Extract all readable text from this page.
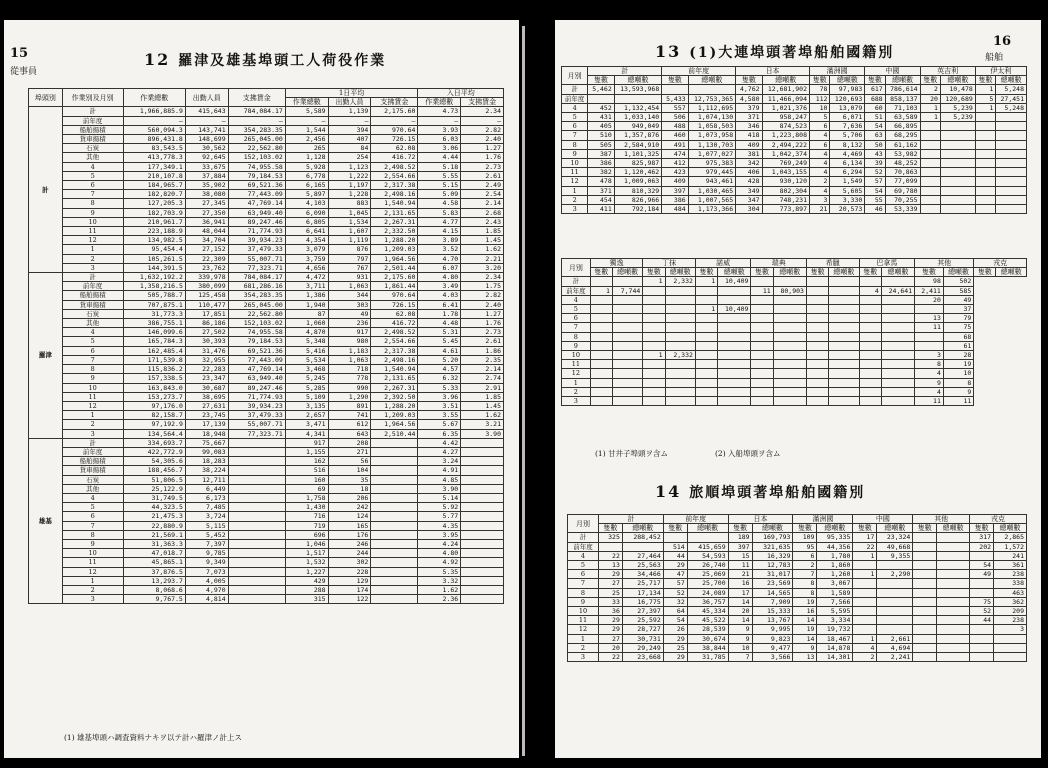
15
從事員
12 羅津及雄基埠頭工人荷役作業
埠頭別	作業別及月別	作業總數	出勤人員	支拂賃金	1日平均			入日平均	
					作業總數	出勤人員	支拂賃金	作業總數	支拂賃金
計	計	1,966,885.9	415,643	784,084.17	5,589	1,139	2,175.60	4.73	2.34
	前年度	—	—	—	—	—	—	—	—
	船舶揚積	560,094.3	143,741	354,283.35	1,544	394	970.64	3.93	2.82
	貨車揚積	896,431.8	148,699	265,045.00	2,456	407	726.15	6.03	2.40
	石炭	83,543.5	30,562	22,562.80	265	84	62.08	3.06	1.27
	其他	413,778.3	92,645	152,103.02	1,128	254	416.72	4.44	1.76
	4	177,349.1	33,675	74,955.58	5,928	1,123	2,498.52	5.18	2.73
	5	210,107.8	37,884	79,184.53	6,778	1,222	2,554.66	5.55	2.61
	6	184,965.7	35,902	69,521.36	6,165	1,197	2,317.38	5.15	2.49
	7	182,820.7	38,080	77,443.09	5,897	1,228	2,498.16	5.09	2.54
	8	127,205.3	27,345	47,769.14	4,103	883	1,540.94	4.58	2.14
	9	182,703.9	27,350	63,949.40	6,090	1,045	2,131.65	5.83	2.68
	10	210,961.7	36,941	89,247.46	6,805	1,534	2,267.31	4.77	2.43
	11	223,188.9	48,044	71,774.93	6,641	1,607	2,332.50	4.15	1.85
	12	134,982.5	34,704	39,934.23	4,354	1,119	1,288.20	3.89	1.45
	1	95,454.4	27,152	37,479.33	3,079	876	1,209.03	3.52	1.62
	2	105,261.5	22,309	55,007.71	3,759	797	1,964.56	4.70	2.21
	3	144,391.5	23,762	77,323.71	4,656	767	2,501.44	6.07	3.20
羅津	計	1,632,192.2	339,978	784,084.17	4,472	931	2,175.60	4.80	2.34
	前年度	1,358,216.5	380,099	681,286.16	3,711	1,063	1,861.44	3.49	1.75
	船舶揚積	505,788.7	125,458	354,283.35	1,386	344	970.64	4.03	2.82
	貨車揚積	707,875.1	110,477	265,045.00	1,940	303	726.15	6.41	2.40
	石炭	31,773.3	17,851	22,562.80	87	49	62.08	1.78	1.27
	其他	386,755.1	86,186	152,103.02	1,060	236	416.72	4.48	1.76
	4	146,099.6	27,502	74,955.58	4,870	917	2,498.52	5.31	2.73
	5	165,784.3	30,393	79,184.53	5,348	980	2,554.66	5.45	2.61
	6	162,485.4	31,476	69,521.36	5,416	1,183	2,317.38	4.61	1.86
	7	171,539.8	32,955	77,443.09	5,534	1,063	2,498.16	5.20	2.35
	8	115,836.2	22,283	47,769.14	3,468	718	1,540.94	4.57	2.14
	9	157,338.5	23,347	63,949.40	5,245	778	2,131.65	6.32	2.74
	10	163,843.0	30,687	89,247.46	5,285	990	2,267.31	5.33	2.91
	11	153,273.7	38,695	71,774.93	5,109	1,290	2,392.50	3.96	1.85
	12	97,176.0	27,631	39,934.23	3,135	891	1,288.20	3.51	1.45
	1	82,158.7	23,745	37,479.33	2,657	741	1,209.03	3.55	1.62
	2	97,192.9	17,139	55,007.71	3,471	612	1,964.56	5.67	3.21
	3	134,564.4	18,948	77,323.71	4,341	643	2,510.44	6.35	3.90
雄基	計	334,693.7	75,667		917	208		4.42	
	前年度	422,772.9	99,083		1,155	271		4.27	
	船舶揚積	54,305.6	18,283		162	56		3.24	
	貨車揚積	188,456.7	38,224		516	104		4.91	
	石炭	51,806.5	12,711		160	35		4.85	
	其他	25,122.9	6,449		69	18		3.90	
	4	31,749.5	6,173		1,758	206		5.14	
	5	44,323.5	7,485		1,430	242		5.92	
	6	21,475.3	3,724		716	124		5.77	
	7	22,880.9	5,115		719	165		4.35	
	8	21,569.1	5,452		696	176		3.95	
	9	31,363.3	7,397		1,046	246		4.24	
	10	47,018.7	9,785		1,517	244		4.80	
	11	45,865.1	9,349		1,532	302		4.92	
	12	37,876.5	7,073		1,227	228		5.35	
	1	13,293.7	4,005		429	129		3.32	
	2	8,068.6	4,970		288	174		1.62	
	3	9,767.5	4,814		315	122		2.36	
(1) 雄基埠頭ハ調査資料ナキヲ以テ計ハ羅津ノ計上ス
16
船舶
13 (1)大連埠頭著埠船舶國籍別
月別	計		前年度		日本		滿洲國		中國		英吉利		伊太利	
	隻數	總噸數	隻數	總噸數	隻數	總噸數	隻數	總噸數	隻數	總噸數	隻數	總噸數	隻數	總噸數
計	5,462	13,593,968			4,762	12,681,902	78	97,983	617	786,614	2	10,478	1	5,248
前年度			5,433	12,753,365	4,580	11,466,094	112	120,693	688	858,137	20	120,689	5	27,451
4	452	1,132,454	557	1,112,695	379	1,021,376	10	13,079	60	71,103	1	5,239	1	5,248
5	431	1,033,140	506	1,074,130	371	958,247	5	6,071	51	63,589	1	5,239		
6	405	949,049	488	1,058,503	346	874,523	6	7,636	54	66,895				
7	510	1,357,876	460	1,073,958	418	1,223,808	4	5,706	63	68,295				
8	505	2,584,910	491	1,130,703	409	2,494,222	6	8,132	50	61,162				
9	387	1,101,325	474	1,077,027	381	1,042,374	4	4,469	43	53,982				
10	386	825,987	412	975,383	342	769,249	4	6,134	39	48,252				
11	382	1,120,462	423	979,445	406	1,043,155	4	6,294	52	70,863				
12	478	1,009,063	409	943,461	428	930,120	2	1,549	57	77,099				
1	371	810,329	397	1,030,465	349	802,304	4	5,605	54	69,780				
2	454	826,966	386	1,007,565	347	748,231	3	3,330	55	70,255				
3	411	792,184	484	1,173,366	304	773,897	21	20,573	46	53,339				
月別	獨逸		丁抹		諾威		瑞典		希臘		巴拿馬		其他		戎克	
	隻數	總噸數	隻數	總噸數	隻數	總噸數	隻數	總噸數	隻數	總噸數	隻數	總噸數	隻數	總噸數	隻數	總噸數
計			1	2,332	1	10,409							98	502		
前年度	1	7,744					11	80,903			4	24,641	2,411	585		
4													20	49		
5					1	10,409								37		
6													13	79		
7													11	75		
8														68		
9														61		
10			1	2,332									3	28		
11													8	19		
12													4	10		
1													9	8		
2													4	9		
3													11	11		
(1) 甘井子埠頭ヲ含ム	(2) 入船埠頭ヲ含ム
14 旅順埠頭著埠船舶國籍別
月別	計		前年度		日本		滿洲國		中國		其他		戎克	
	隻數	總噸數	隻數	總噸數	隻數	總噸數	隻數	總噸數	隻數	總噸數	隻數	總噸數	隻數	總噸數
計	325	288,452			189	169,793	109	95,335	17	23,324			317	2,865
前年度			514	415,659	397	321,635	95	44,356	22	49,668			202	1,572
4	22	27,464	44	54,593	15	16,329	6	1,780	1	9,355				241
5	13	25,563	29	26,740	11	12,783	2	1,860					54	361
6	29	34,466	47	25,069	21	31,017	7	1,260	1	2,290			49	238
7	27	25,717	57	25,700	16	23,569	8	3,067						338
8	25	17,134	52	24,089	17	14,565	8	1,589						463
9	33	16,775	32	36,757	14	7,909	19	7,566					75	362
10	36	27,397	64	45,334	20	15,333	16	5,595					52	209
11	29	25,592	54	45,522	14	13,767	14	3,334					44	238
12	29	28,727	26	28,539	9	9,995	19	19,732						3
1	27	30,731	29	30,674	9	9,823	14	18,467	1	2,661				
2	20	29,249	25	38,844	10	9,477	9	14,878	4	4,694				
3	22	23,668	29	31,785	7	3,566	13	14,301	2	2,241				
